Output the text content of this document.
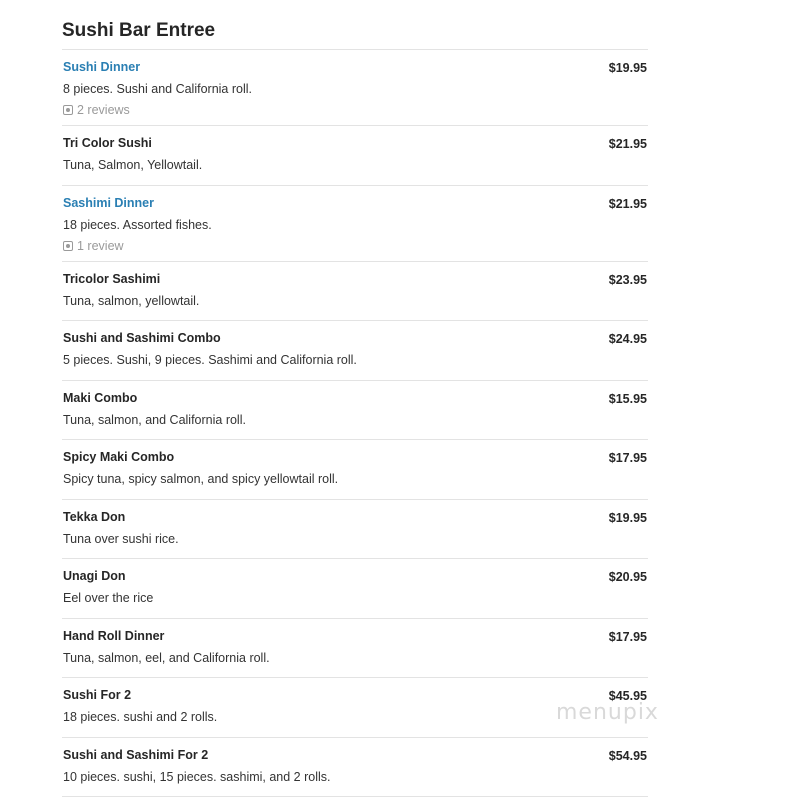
Sushi Bar Entree
Sushi Dinner	$19.95
8 pieces. Sushi and California roll.
2 reviews
Tri Color Sushi	$21.95
Tuna, Salmon, Yellowtail.
Sashimi Dinner	$21.95
18 pieces. Assorted fishes.
1 review
Tricolor Sashimi	$23.95
Tuna, salmon, yellowtail.
Sushi and Sashimi Combo	$24.95
5 pieces. Sushi, 9 pieces. Sashimi and California roll.
Maki Combo	$15.95
Tuna, salmon, and California roll.
Spicy Maki Combo	$17.95
Spicy tuna, spicy salmon, and spicy yellowtail roll.
Tekka Don	$19.95
Tuna over sushi rice.
Unagi Don	$20.95
Eel over the rice
Hand Roll Dinner	$17.95
Tuna, salmon, eel, and California roll.
Sushi For 2	$45.95
18 pieces. sushi and 2 rolls.
Sushi and Sashimi For 2	$54.95
10 pieces. sushi, 15 pieces. sashimi, and 2 rolls.
menupix
